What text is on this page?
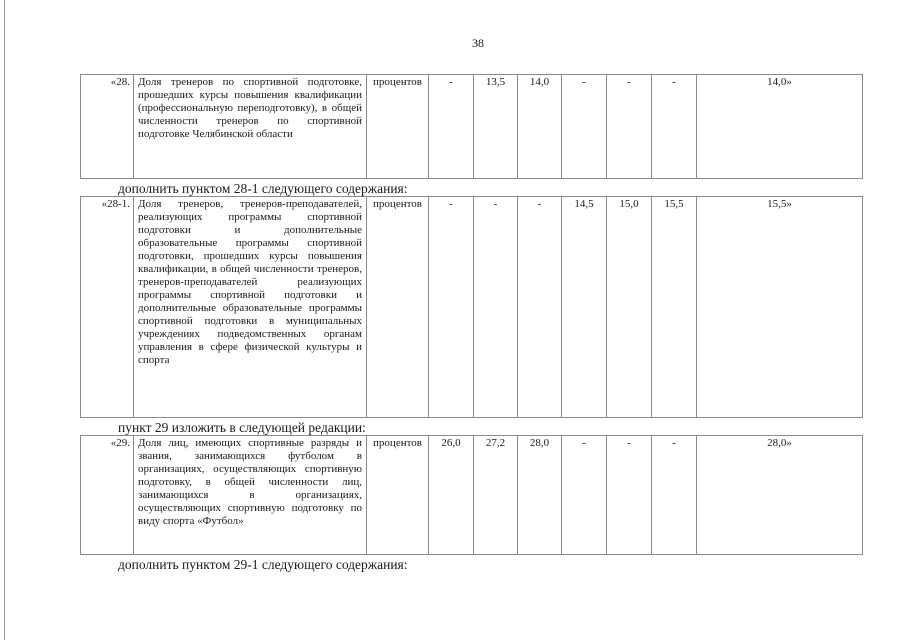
38
«28.	Доля тренеров по спортивной подготовке, прошедших курсы повышения квалификации (профессиональную переподготовку), в общей численности тренеров по спортивной подготовке Челябинской области	процентов	-	13,5	14,0	-	-	-	14,0»
дополнить пунктом 28-1 следующего содержания:
«28-1.	Доля тренеров, тренеров-преподавателей, реализующих программы спортивной подготовки и дополнительные образовательные программы спортивной подготовки, прошедших курсы повышения квалификации, в общей численности тренеров, тренеров-преподавателей реализующих программы спортивной подготовки и дополнительные образовательные программы спортивной подготовки в муниципальных учреждениях подведомственных органам управления в сфере физической культуры и спорта	процентов	-	-	-	14,5	15,0	15,5	15,5»
пункт 29 изложить в следующей редакции:
«29.	Доля лиц, имеющих спортивные разряды и звания, занимающихся футболом в организациях, осуществляющих спортивную подготовку, в общей численности лиц, занимающихся в организациях, осуществляющих спортивную подготовку по виду спорта «Футбол»	процентов	26,0	27,2	28,0	-	-	-	28,0»
дополнить пунктом 29-1 следующего содержания:
